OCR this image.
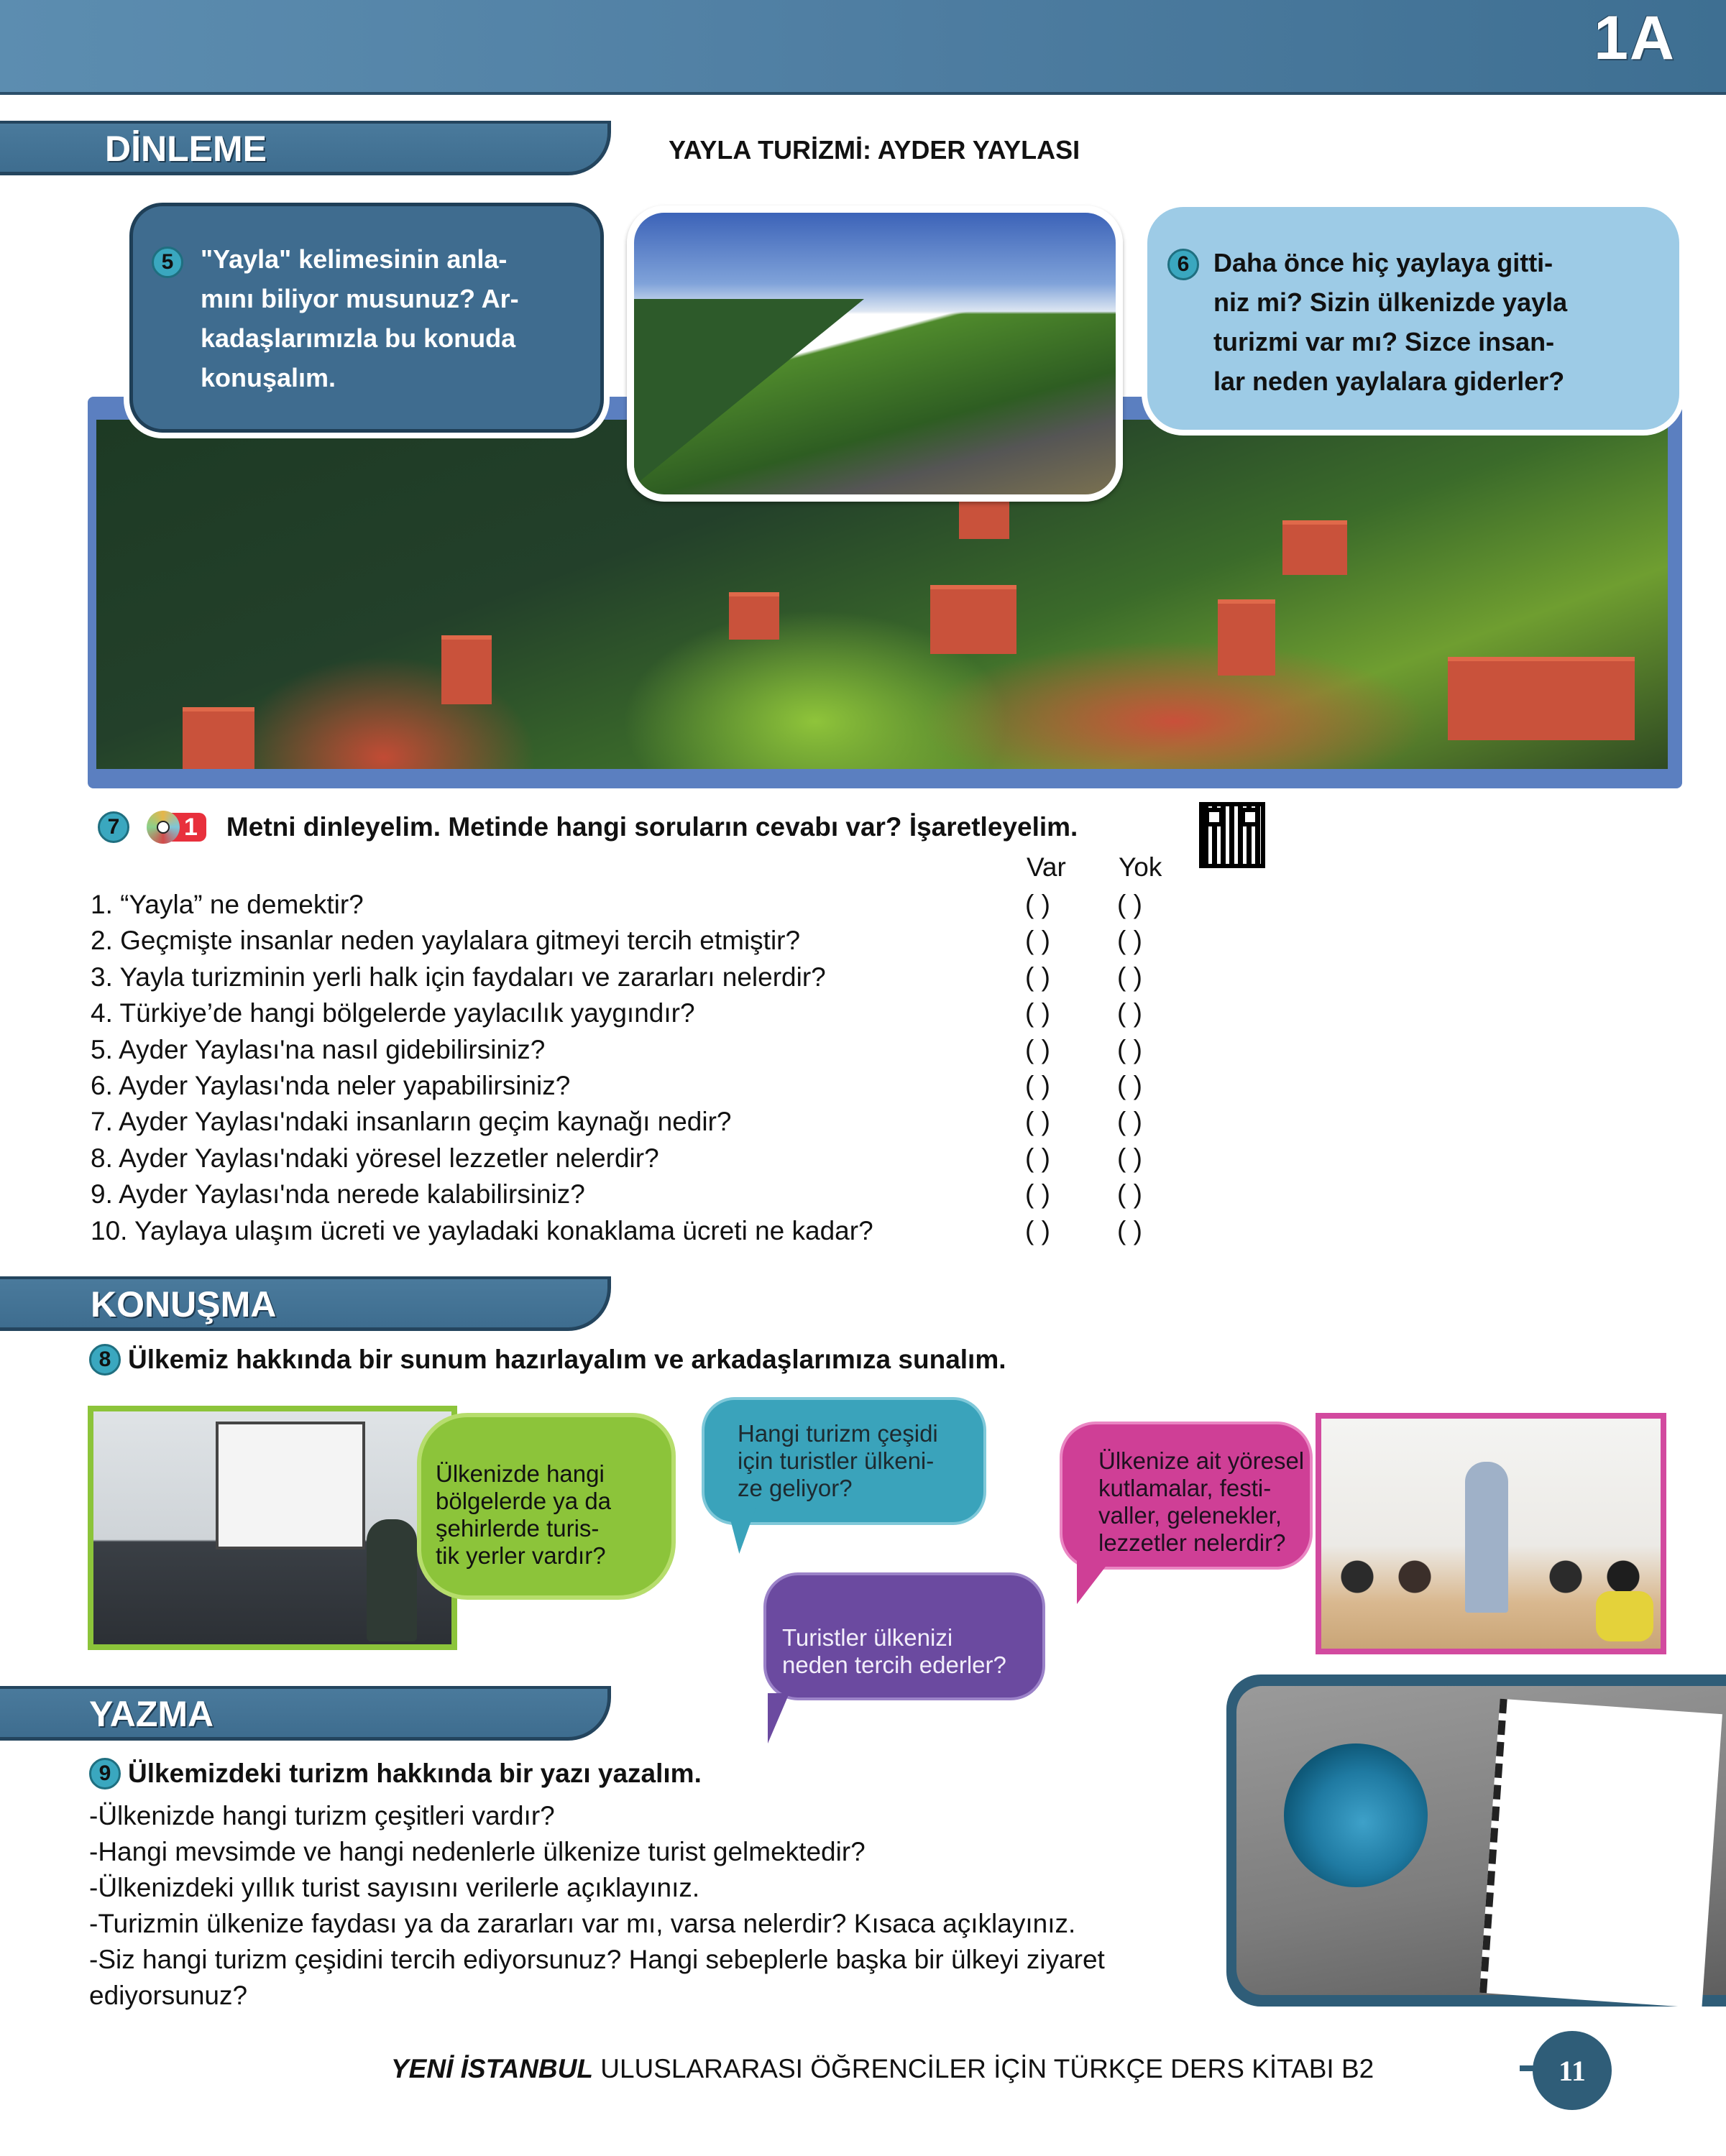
1A
DİNLEME	YAYLA TURİZMİ: AYDER YAYLASI
5	"Yayla" kelimesinin anla-
mını biliyor musunuz? Ar-
kadaşlarımızla bu konuda
konuşalım.
6 Daha önce hiç yaylaya gitti-
niz mi? Sizin ülkenizde yayla
turizmi var mı? Sizce insan-
lar neden yaylalara giderler?
7	1	Metni dinleyelim. Metinde hangi soruların cevabı var? İşaretleyelim.
Var Yok
1. “Yayla” ne demektir?	( )	( )
2. Geçmişte insanlar neden yaylalara gitmeyi tercih etmiştir?	( )	( )
3. Yayla turizminin yerli halk için faydaları ve zararları nelerdir?	( )	( )
4. Türkiye’de hangi bölgelerde yaylacılık yaygındır?	( )	( )
5. Ayder Yaylası'na nasıl gidebilirsiniz?	( )	( )
6. Ayder Yaylası'nda neler yapabilirsiniz?	( )	( )
7. Ayder Yaylası'ndaki insanların geçim kaynağı nedir?	( )	( )
8. Ayder Yaylası'ndaki yöresel lezzetler nelerdir?	( )	( )
9. Ayder Yaylası'nda nerede kalabilirsiniz?	( )	( )
10. Yaylaya ulaşım ücreti ve yayladaki konaklama ücreti ne kadar?	( )	( )
KONUŞMA
8 Ülkemiz hakkında bir sunum hazırlayalım ve arkadaşlarımıza sunalım.

Ülkenizde hangi
bölgelerde ya da
şehirlerde turis-
tik yerler vardır?

Hangi turizm çeşidi
için turistler ülkeni-
ze geliyor?

Turistler ülkenizi
neden tercih ederler?

Ülkenize ait yöresel
kutlamalar, festi-
valler, gelenekler,
lezzetler nelerdir?

YAZMA
9 Ülkemizdeki turizm hakkında bir yazı yazalım.
-Ülkenizde hangi turizm çeşitleri vardır?
-Hangi mevsimde ve hangi nedenlerle ülkenize turist gelmektedir?
-Ülkenizdeki yıllık turist sayısını verilerle açıklayınız.
-Turizmin ülkenize faydası ya da zararları var mı, varsa nelerdir? Kısaca açıklayınız.
-Siz hangi turizm çeşidini tercih ediyorsunuz? Hangi sebeplerle başka bir ülkeyi ziyaret ediyorsunuz?
YENİ İSTANBUL ULUSLARARASI ÖĞRENCİLER İÇİN TÜRKÇE DERS KİTABI B2	11
